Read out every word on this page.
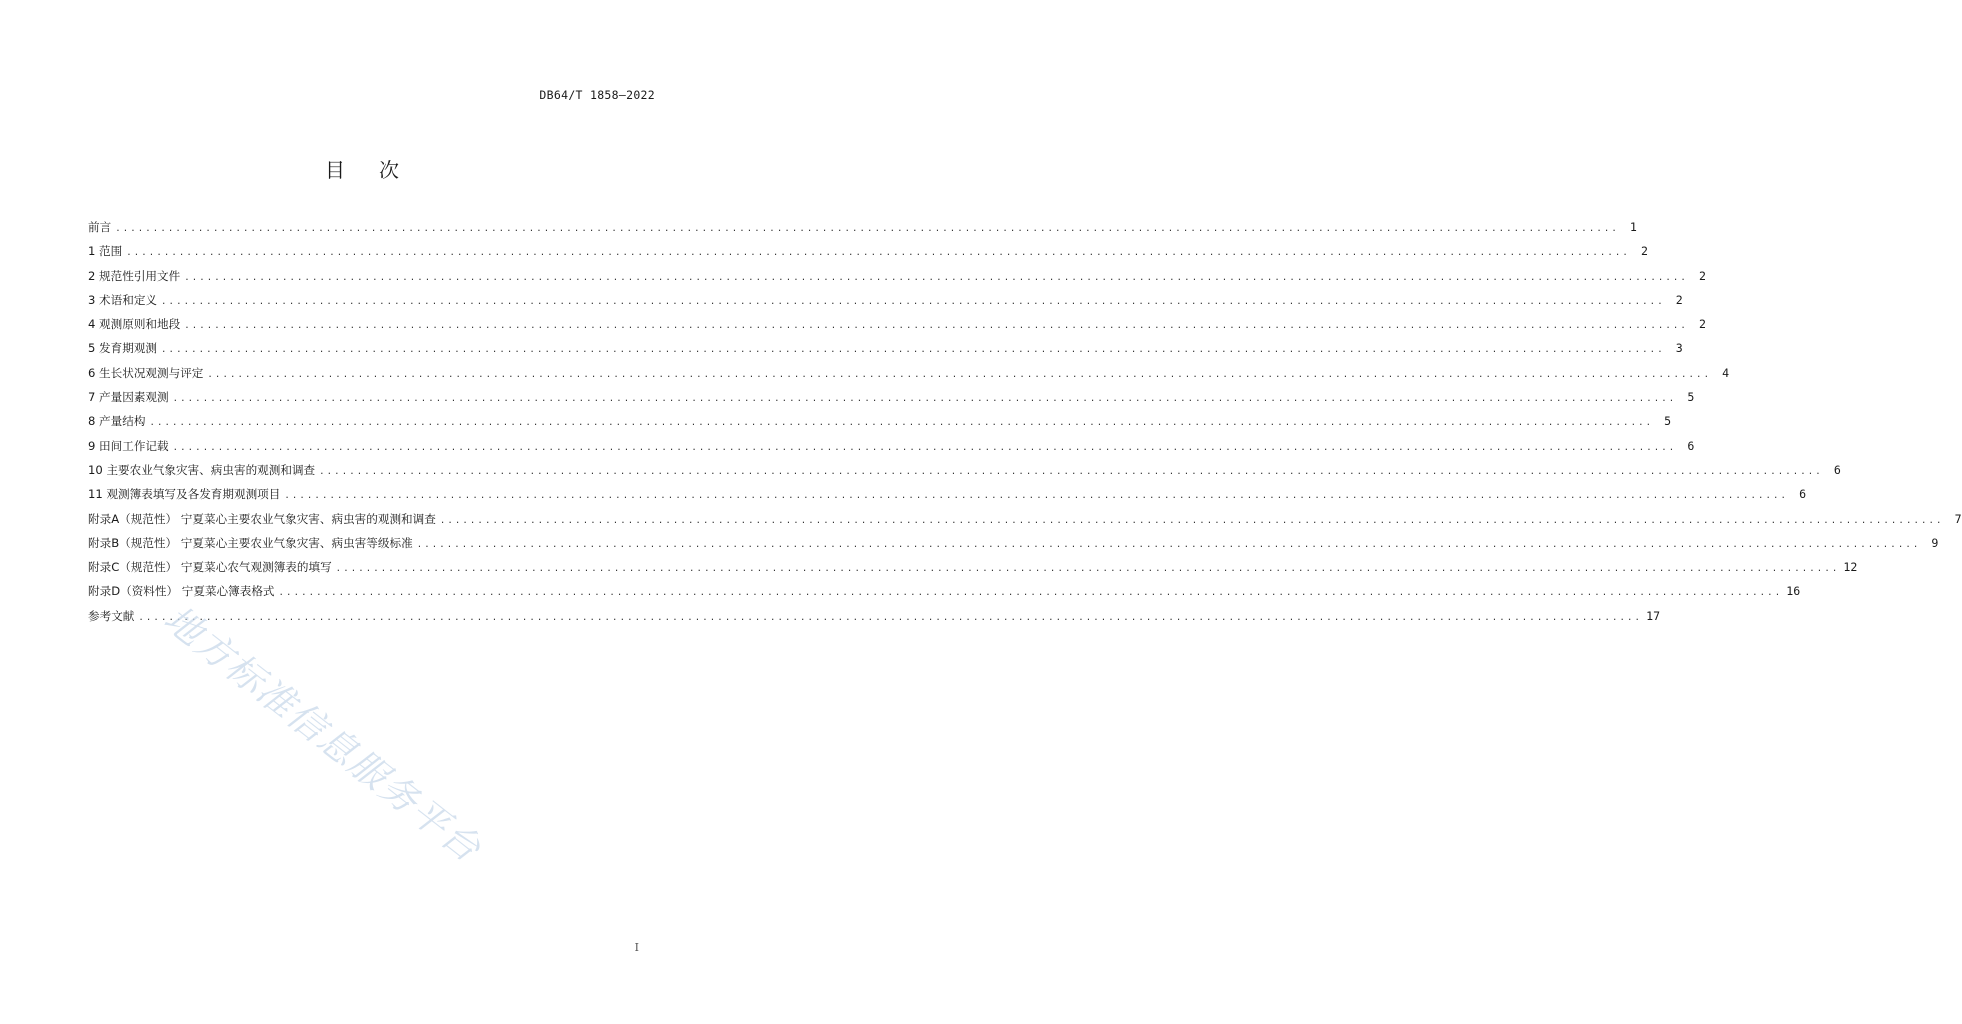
DB64/T 1858—2022
目次
前言 ........................................................................................................................................................................................................ 1
1 范围 ........................................................................................................................................................................................................ 2
2 规范性引用文件 ........................................................................................................................................................................................................ 2
3 术语和定义 ........................................................................................................................................................................................................ 2
4 观测原则和地段 ........................................................................................................................................................................................................ 2
5 发育期观测 ........................................................................................................................................................................................................ 3
6 生长状况观测与评定 ........................................................................................................................................................................................................ 4
7 产量因素观测 ........................................................................................................................................................................................................ 5
8 产量结构 ........................................................................................................................................................................................................ 5
9 田间工作记载 ........................................................................................................................................................................................................ 6
10 主要农业气象灾害、病虫害的观测和调查 ........................................................................................................................................................................................................ 6
11 观测簿表填写及各发育期观测项目 ........................................................................................................................................................................................................ 6
附录A（规范性） 宁夏菜心主要农业气象灾害、病虫害的观测和调查 ........................................................................................................................................................................................................ 7
附录B（规范性） 宁夏菜心主要农业气象灾害、病虫害等级标准 ........................................................................................................................................................................................................ 9
附录C（规范性） 宁夏菜心农气观测簿表的填写 ........................................................................................................................................................................................................ 12
附录D（资料性） 宁夏菜心簿表格式 ........................................................................................................................................................................................................ 16
参考文献 ........................................................................................................................................................................................................ 17
地方标准信息服务平台
I
